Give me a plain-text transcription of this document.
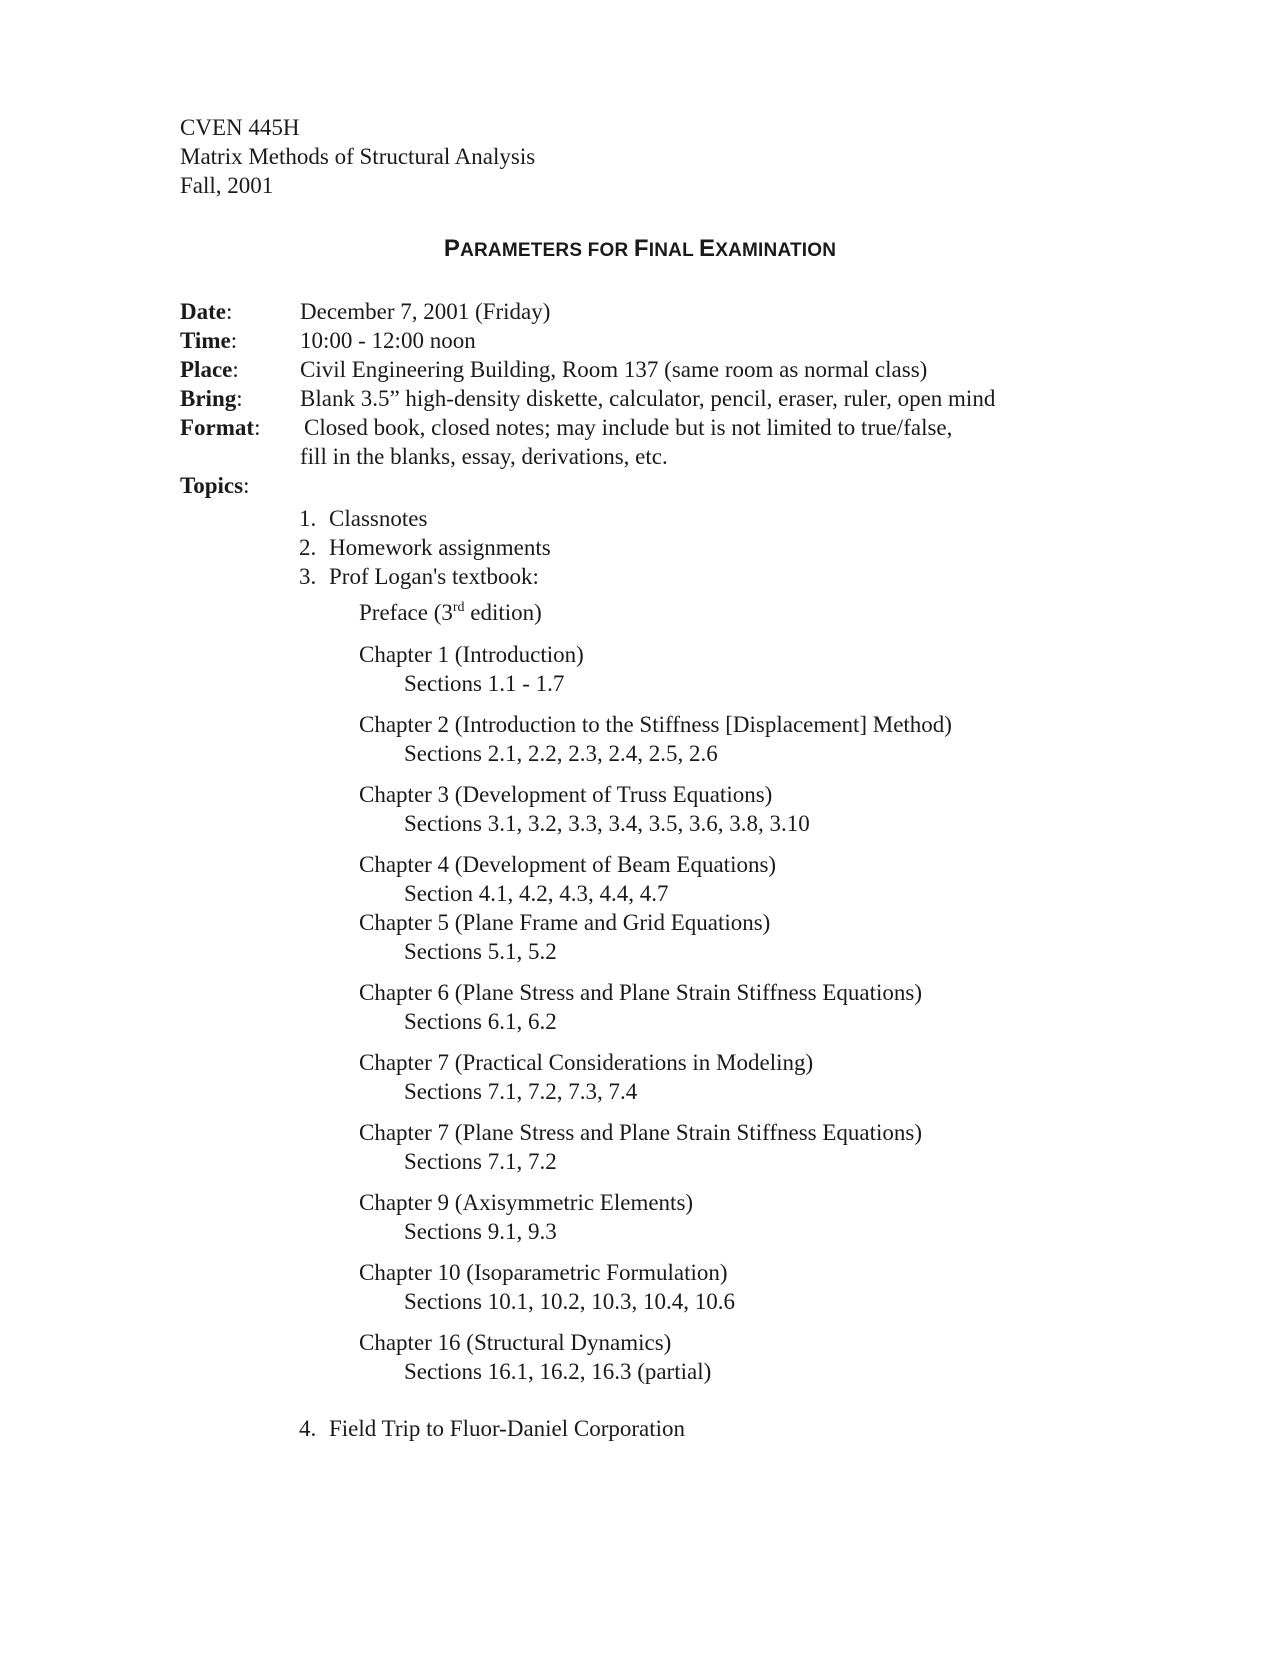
CVEN 445H
Matrix Methods of Structural Analysis
Fall, 2001
PARAMETERS FOR FINAL EXAMINATION
Date:	December 7, 2001 (Friday)
Time:	10:00 - 12:00 noon
Place:	Civil Engineering Building, Room 137 (same room as normal class)
Bring: Blank 3.5” high-density diskette, calculator, pencil, eraser, ruler, open mind
Format: Closed book, closed notes; may include but is not limited to true/false,
fill in the blanks, essay, derivations, etc.
Topics:
1. Classnotes
2. Homework assignments
3. Prof Logan's textbook:
Preface (3rd edition)
Chapter 1 (Introduction)
Sections 1.1 - 1.7
Chapter 2 (Introduction to the Stiffness [Displacement] Method)
Sections 2.1, 2.2, 2.3, 2.4, 2.5, 2.6
Chapter 3 (Development of Truss Equations)
Sections 3.1, 3.2, 3.3, 3.4, 3.5, 3.6, 3.8, 3.10
Chapter 4 (Development of Beam Equations)
Section 4.1, 4.2, 4.3, 4.4, 4.7
Chapter 5 (Plane Frame and Grid Equations)
Sections 5.1, 5.2
Chapter 6 (Plane Stress and Plane Strain Stiffness Equations)
Sections 6.1, 6.2
Chapter 7 (Practical Considerations in Modeling)
Sections 7.1, 7.2, 7.3, 7.4
Chapter 7 (Plane Stress and Plane Strain Stiffness Equations)
Sections 7.1, 7.2
Chapter 9 (Axisymmetric Elements)
Sections 9.1, 9.3
Chapter 10 (Isoparametric Formulation)
Sections 10.1, 10.2, 10.3, 10.4, 10.6
Chapter 16 (Structural Dynamics)
Sections 16.1, 16.2, 16.3 (partial)
4. Field Trip to Fluor-Daniel Corporation
